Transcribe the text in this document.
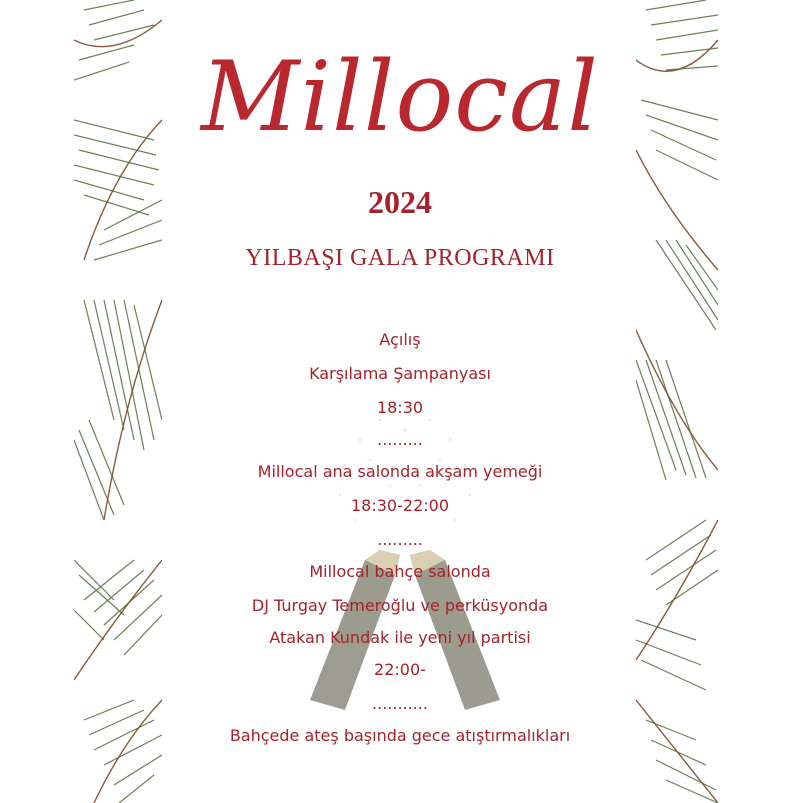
Millocal
2024
YILBAŞI GALA PROGRAMI
Açılış
Karşılama Şampanyası
18:30
.........
Millocal ana salonda akşam yemeği
18:30-22:00
.........
Millocal bahçe salonda
DJ Turgay Temeroğlu ve perküsyonda
Atakan Kundak ile yeni yıl partisi
22:00-
...........
Bahçede ateş başında gece atıştırmalıkları
